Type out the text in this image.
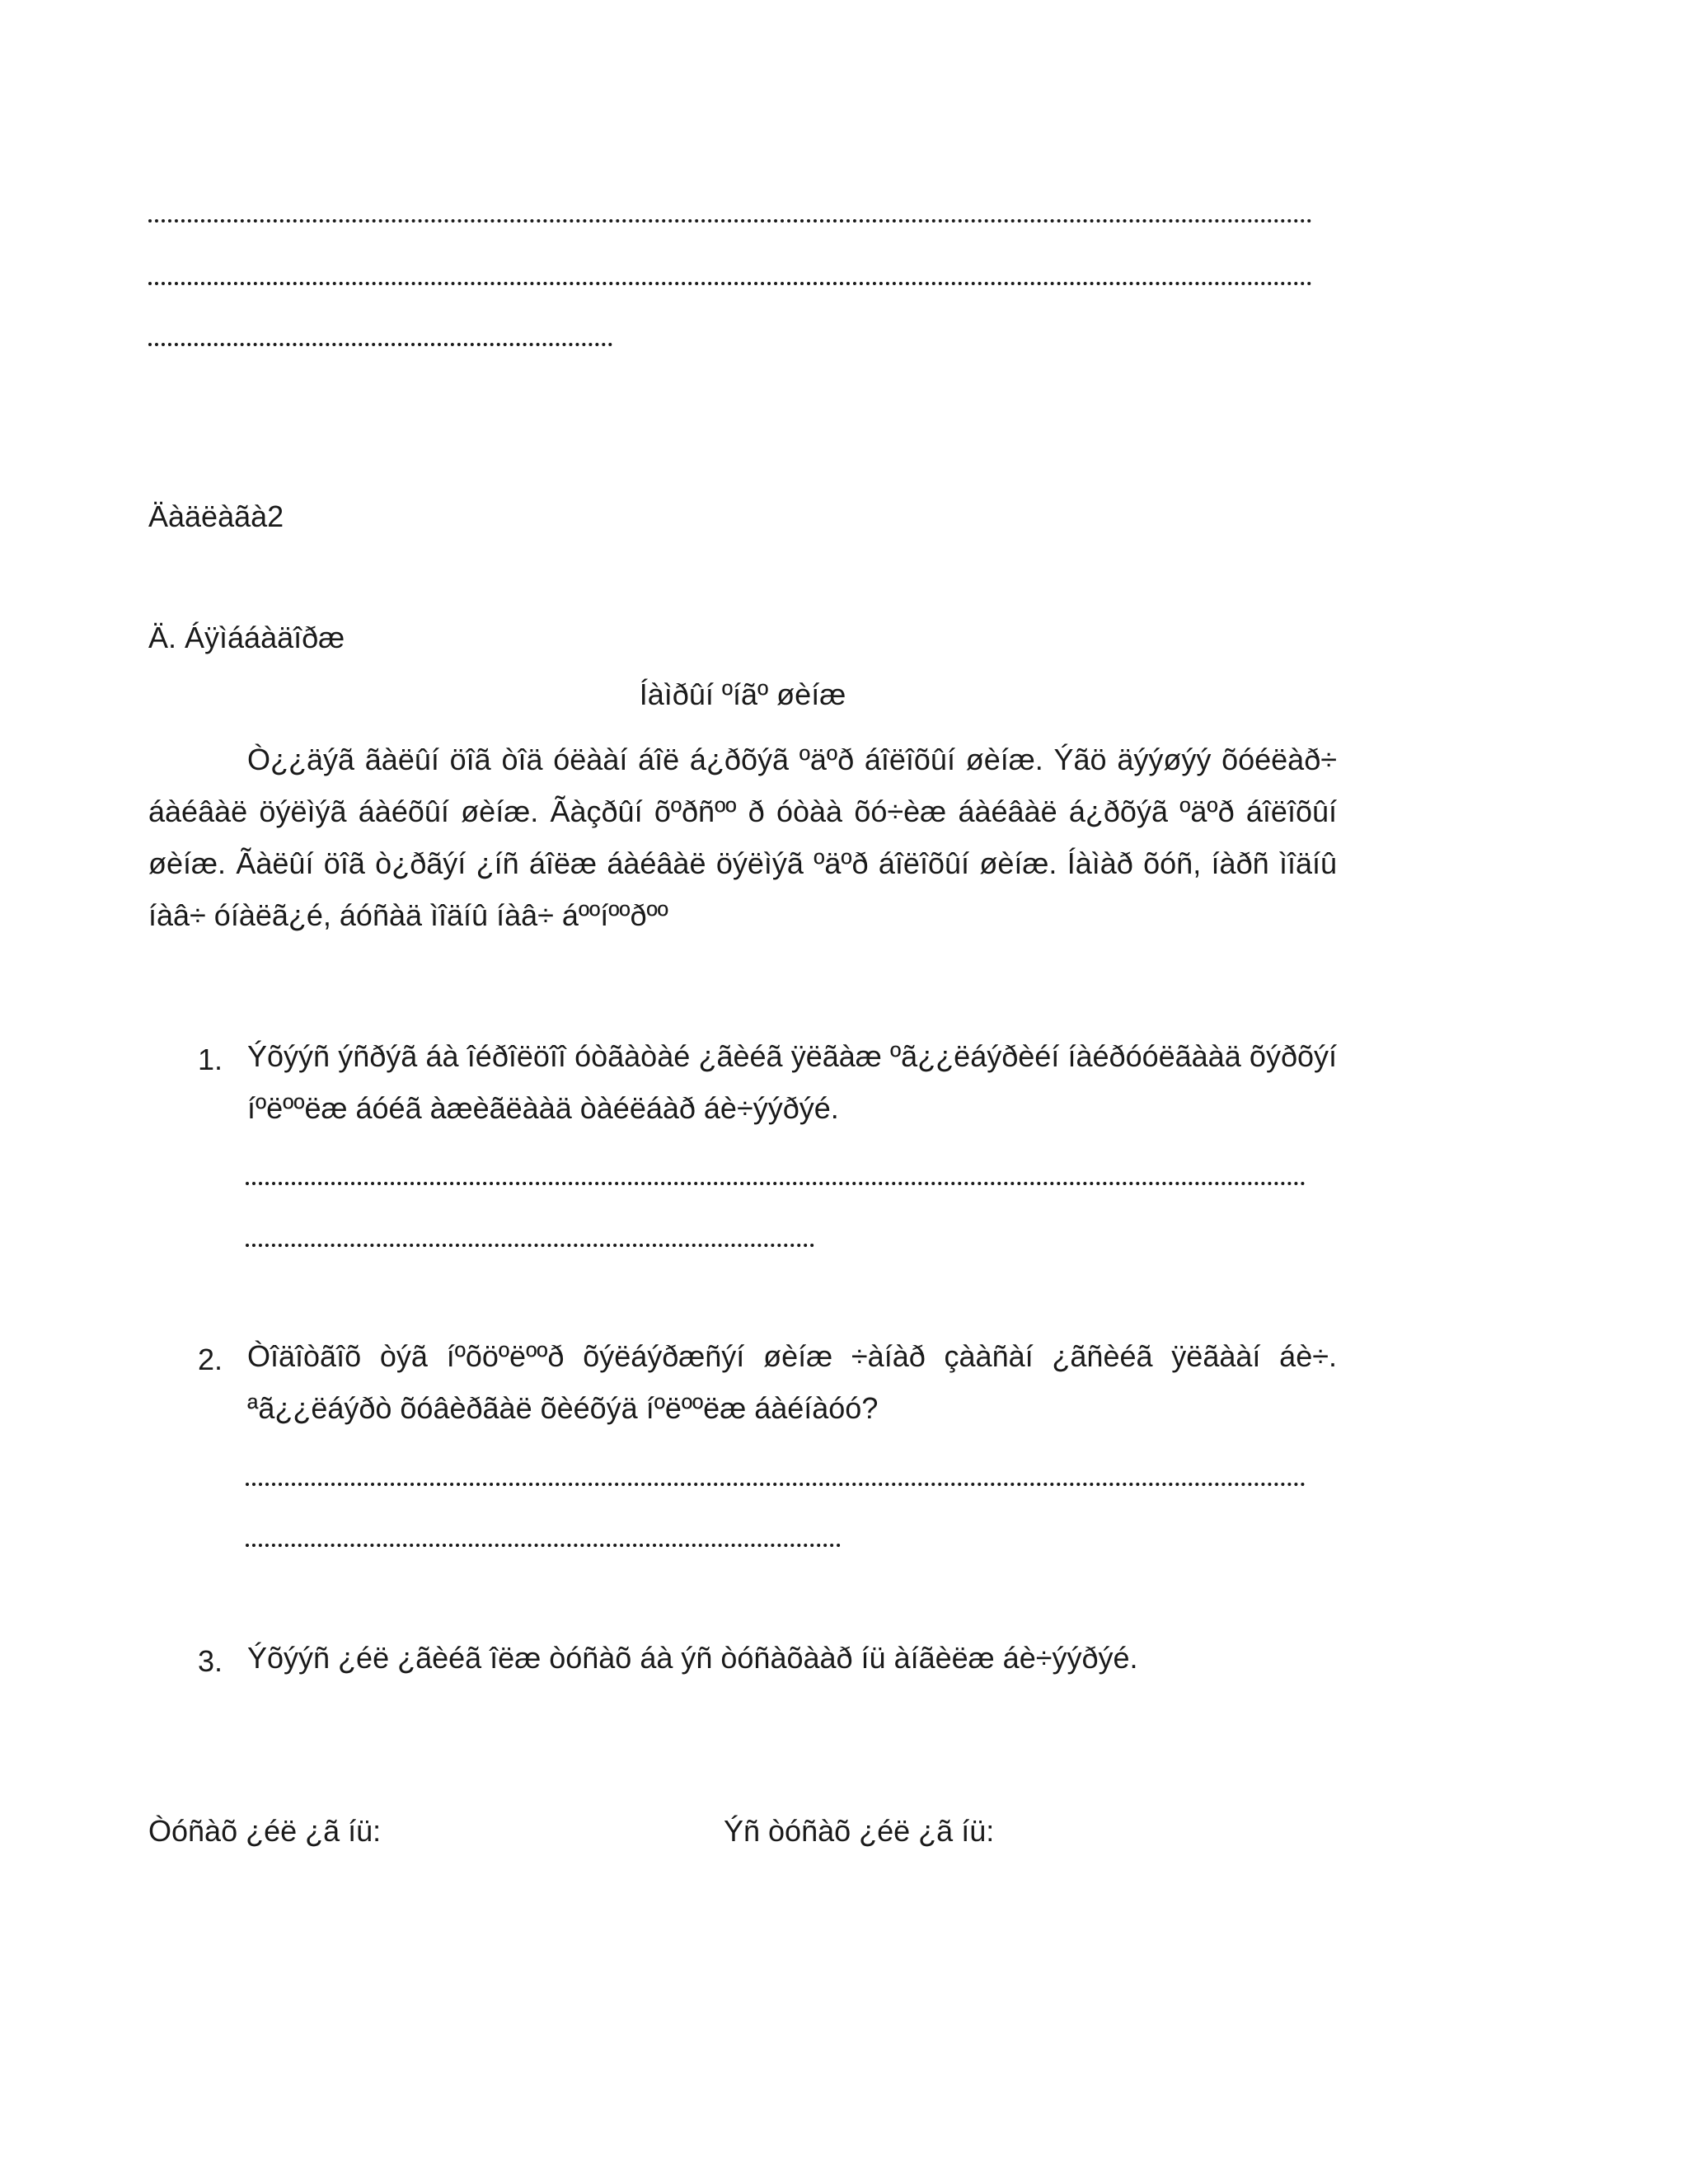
Äàäëàãà2
Ä. Áÿìááàäîðæ
Íàìðûí ºíãº øèíæ
Ò¿¿äýã ãàëûí öîã òîä óëààí áîë á¿ðõýã ºäºð áîëîõûí øèíæ. Ýãö äýýøýý õóéëàð÷ áàéâàë öýëìýã áàéõûí øèíæ. Ãàçðûí õºðñºº ð óòàà õó÷èæ áàéâàë á¿ðõýã ºäºð áîëîõûí øèíæ. Ãàëûí öîã ò¿ðãýí ¿íñ áîëæ áàéâàë öýëìýã ºäºð áîëîõûí øèíæ. Íàìàð õóñ, íàðñ ìîäíû íàâ÷ óíàëã¿é, áóñàä ìîäíû íàâ÷ áººíººðºº
1. Ýõýýñ ýñðýã áà îéðîëöîî óòãàòàé ¿ãèéã ÿëãàæ ºã¿¿ëáýðèéí íàéðóóëãààä õýðõýí íºëººëæ áóéã àæèãëààä òàéëáàð áè÷ýýðýé.
2. Òîäîòãîõ òýã íºõöºëººð õýëáýðæñýí øèíæ ÷àíàð çààñàí ¿ãñèéã ÿëãààí áè÷. ªã¿¿ëáýðò õóâèðãàë õèéõýä íºëººëæ áàéíàóó?
3. Ýõýýñ ¿éë ¿ãèéã îëæ òóñàõ áà ýñ òóñàõààð íü àíãèëæ áè÷ýýðýé.
Òóñàõ ¿éë ¿ã íü:	Ýñ òóñàõ ¿éë ¿ã íü:
